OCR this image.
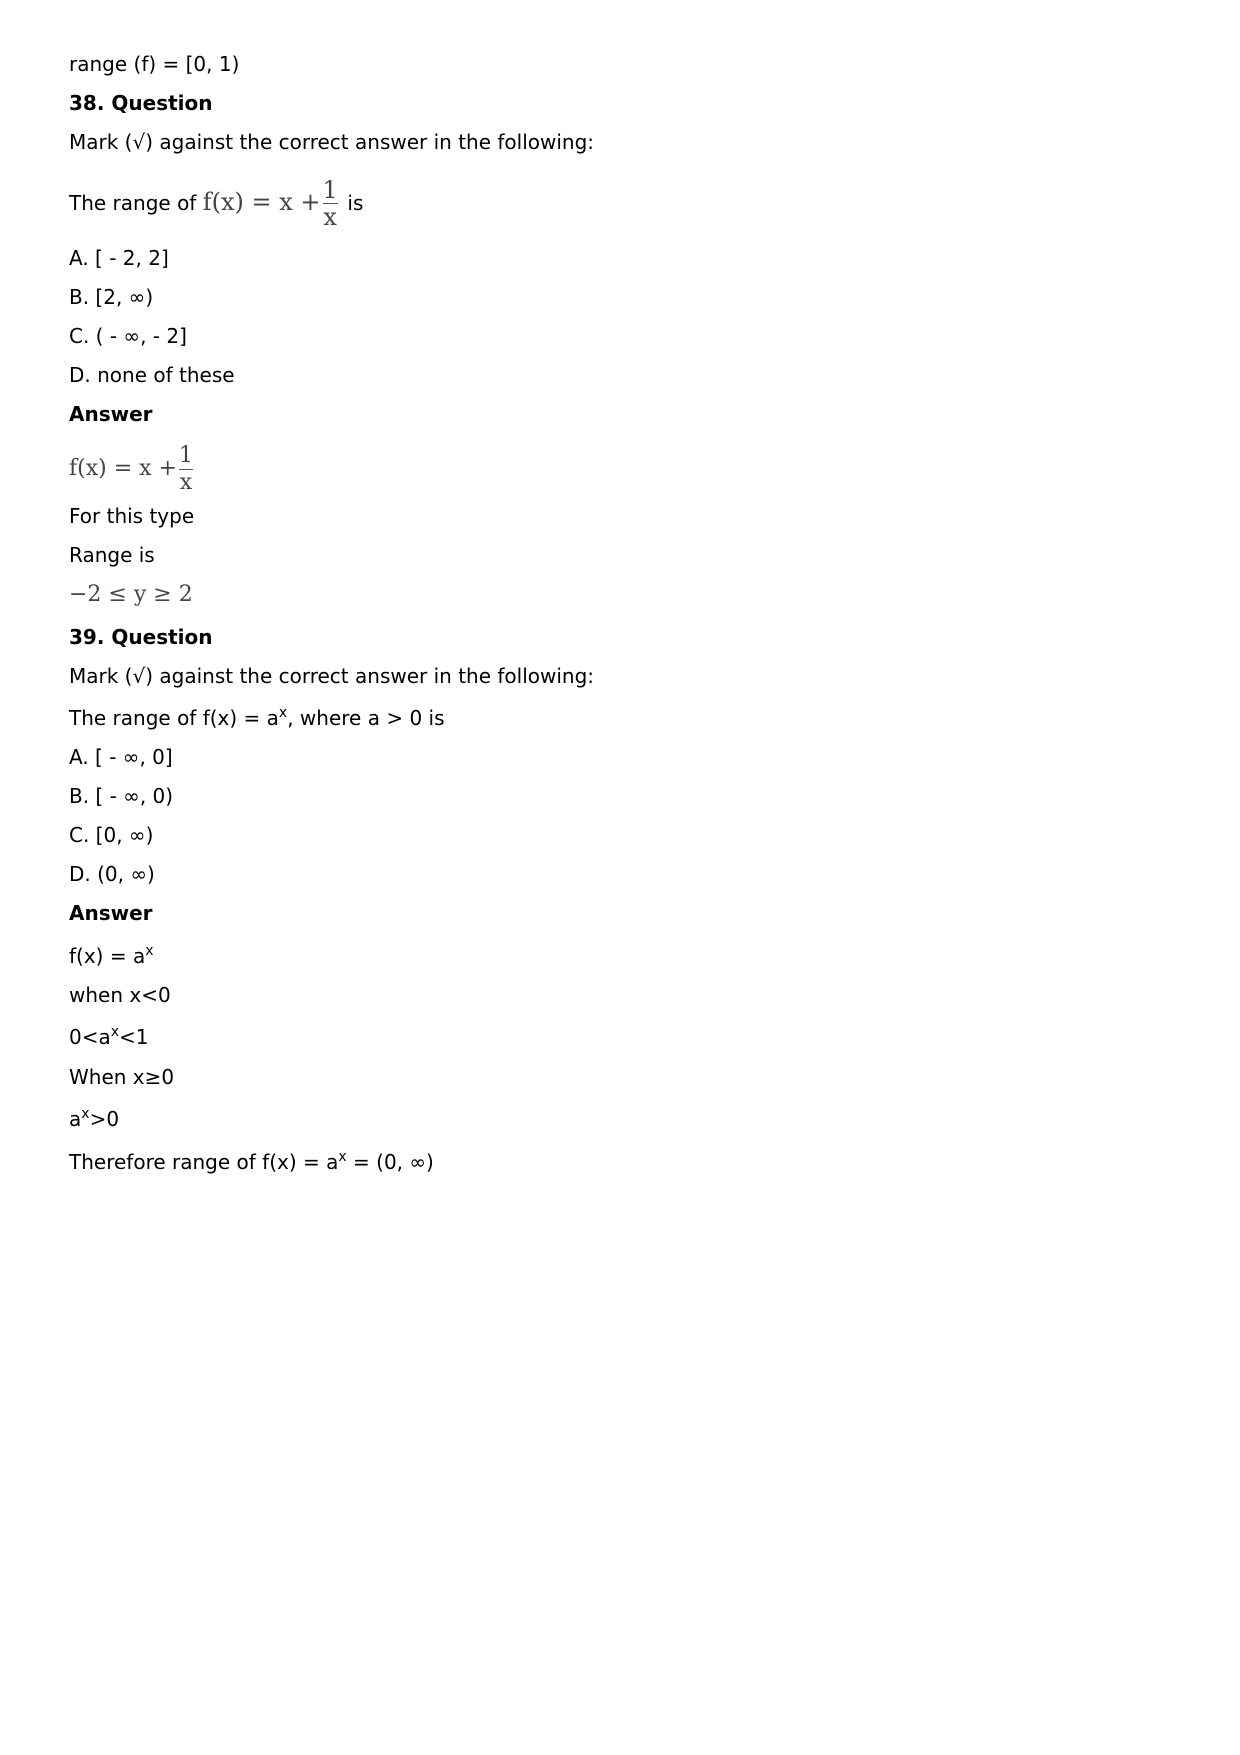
range (f) = [0, 1)
38. Question
Mark (√) against the correct answer in the following:
The range of $f(x) = x + \frac{1}{x}$ is
A. [ - 2, 2]
B. [2, ∞)
C. ( - ∞, - 2]
D. none of these
Answer
$f(x) = x + \frac{1}{x}$
For this type
Range is
−2 ≤ y ≥ 2
39. Question
Mark (√) against the correct answer in the following:
The range of $f(x) = a^x$, where a > 0 is
A. [ - ∞, 0]
B. [ - ∞, 0)
C. [0, ∞)
D. (0, ∞)
Answer
$f(x) = a^x$
when x<0
$0<a^x<1$
When x≥0
$a^x>0$
Therefore range of $f(x) = a^x = (0$, ∞)
